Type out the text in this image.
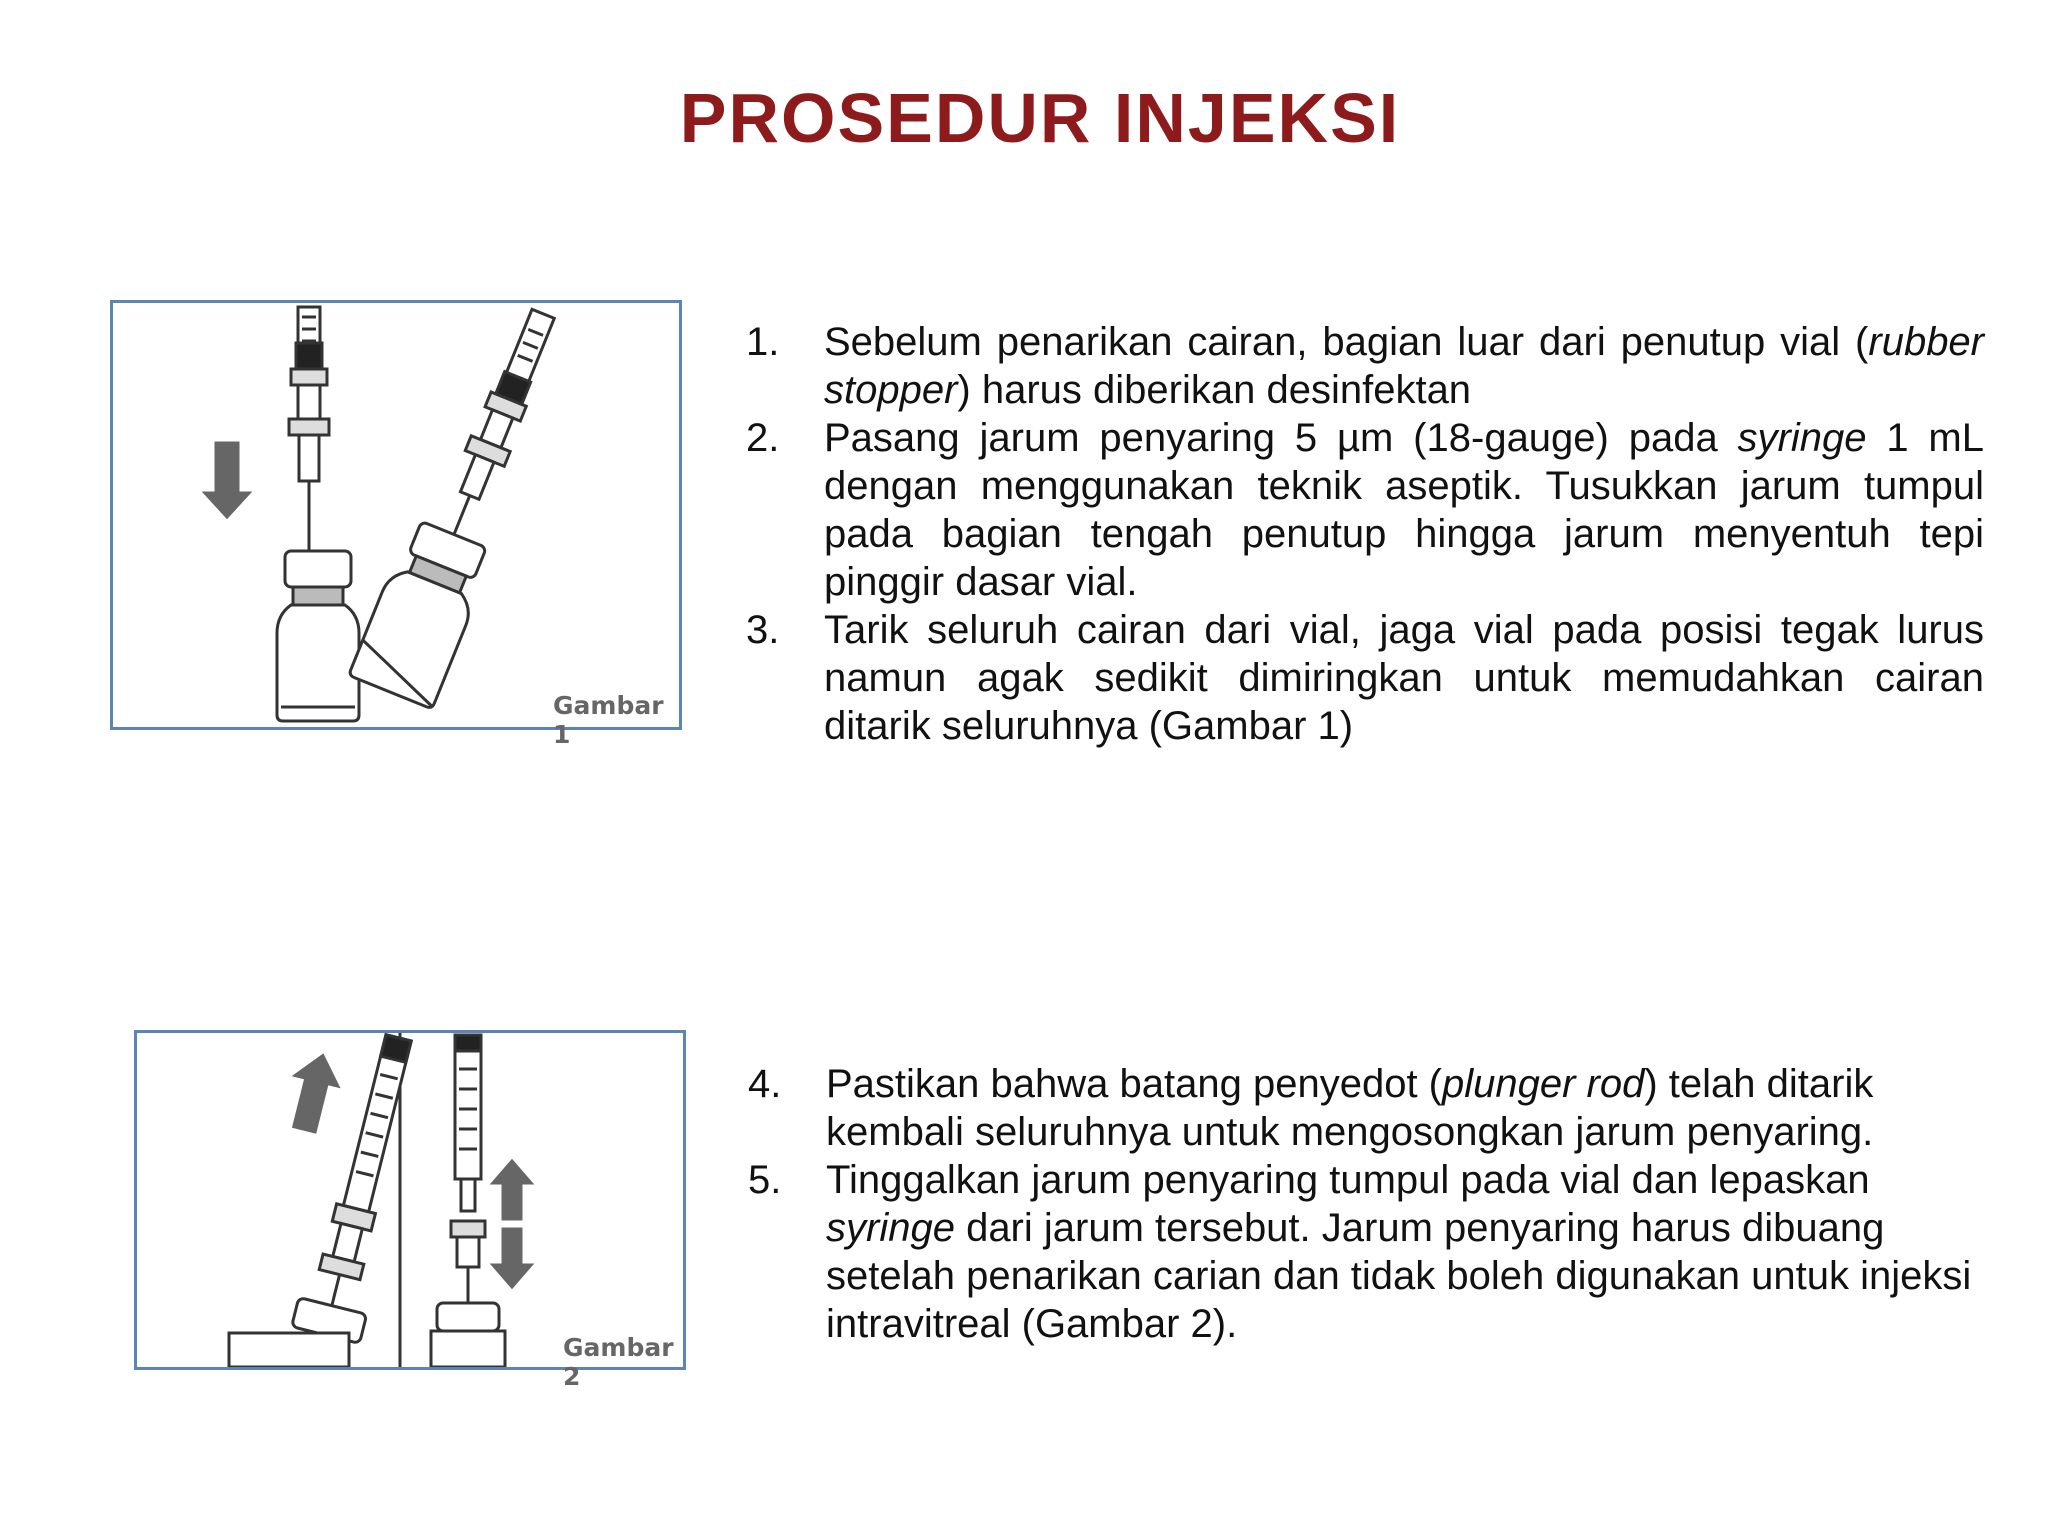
PROSEDUR INJEKSI
Gambar 1
Gambar 2
1. Sebelum penarikan cairan, bagian luar dari penutup vial (rubber stopper) harus diberikan desinfektan
2. Pasang jarum penyaring 5 µm (18-gauge) pada syringe 1 mL dengan menggunakan teknik aseptik. Tusukkan jarum tumpul pada bagian tengah penutup hingga jarum menyentuh tepi pinggir dasar vial.
3. Tarik seluruh cairan dari vial, jaga vial pada posisi tegak lurus namun agak sedikit dimiringkan untuk memudahkan cairan ditarik seluruhnya (Gambar 1)
4. Pastikan bahwa batang penyedot (plunger rod) telah ditarik kembali seluruhnya untuk mengosongkan jarum penyaring.
5. Tinggalkan jarum penyaring tumpul pada vial dan lepaskan syringe dari jarum tersebut. Jarum penyaring harus dibuang setelah penarikan carian dan tidak boleh digunakan untuk injeksi intravitreal (Gambar 2).
